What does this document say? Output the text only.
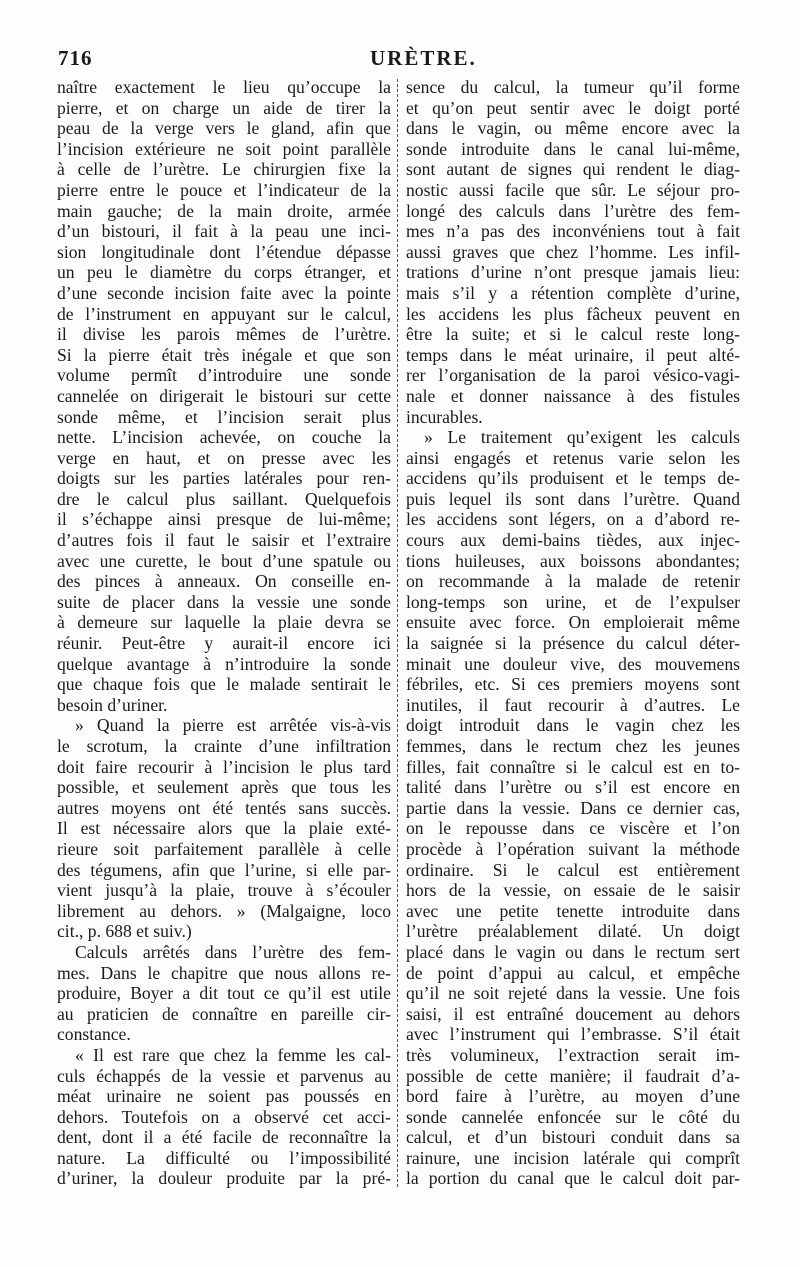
716	URÈTRE.
naître exactement le lieu qu’occupe la
pierre, et on charge un aide de tirer la
peau de la verge vers le gland, afin que
l’incision extérieure ne soit point parallèle
à celle de l’urètre. Le chirurgien fixe la
pierre entre le pouce et l’indicateur de la
main gauche; de la main droite, armée
d’un bistouri, il fait à la peau une inci-
sion longitudinale dont l’étendue dépasse
un peu le diamètre du corps étranger, et
d’une seconde incision faite avec la pointe
de l’instrument en appuyant sur le calcul,
il divise les parois mêmes de l’urètre.
Si la pierre était très inégale et que son
volume permît d’introduire une sonde
cannelée on dirigerait le bistouri sur cette
sonde même, et l’incision serait plus
nette. L’incision achevée, on couche la
verge en haut, et on presse avec les
doigts sur les parties latérales pour ren-
dre le calcul plus saillant. Quelquefois
il s’échappe ainsi presque de lui-même;
d’autres fois il faut le saisir et l’extraire
avec une curette, le bout d’une spatule ou
des pinces à anneaux. On conseille en-
suite de placer dans la vessie une sonde
à demeure sur laquelle la plaie devra se
réunir. Peut-être y aurait-il encore ici
quelque avantage à n’introduire la sonde
que chaque fois que le malade sentirait le
besoin d’uriner.
» Quand la pierre est arrêtée vis-à-vis
le scrotum, la crainte d’une infiltration
doit faire recourir à l’incision le plus tard
possible, et seulement après que tous les
autres moyens ont été tentés sans succès.
Il est nécessaire alors que la plaie exté-
rieure soit parfaitement parallèle à celle
des tégumens, afin que l’urine, si elle par-
vient jusqu’à la plaie, trouve à s’écouler
librement au dehors. » (Malgaigne, loco
cit., p. 688 et suiv.)
Calculs arrêtés dans l’urètre des fem-
mes. Dans le chapitre que nous allons re-
produire, Boyer a dit tout ce qu’il est utile
au praticien de connaître en pareille cir-
constance.
« Il est rare que chez la femme les cal-
culs échappés de la vessie et parvenus au
méat urinaire ne soient pas poussés en
dehors. Toutefois on a observé cet acci-
dent, dont il a été facile de reconnaître la
nature. La difficulté ou l’impossibilité
d’uriner, la douleur produite par la pré-
sence du calcul, la tumeur qu’il forme
et qu’on peut sentir avec le doigt porté
dans le vagin, ou même encore avec la
sonde introduite dans le canal lui-même,
sont autant de signes qui rendent le diag-
nostic aussi facile que sûr. Le séjour pro-
longé des calculs dans l’urètre des fem-
mes n’a pas des inconvéniens tout à fait
aussi graves que chez l’homme. Les infil-
trations d’urine n’ont presque jamais lieu:
mais s’il y a rétention complète d’urine,
les accidens les plus fâcheux peuvent en
être la suite; et si le calcul reste long-
temps dans le méat urinaire, il peut alté-
rer l’organisation de la paroi vésico-vagi-
nale et donner naissance à des fistules
incurables.
» Le traitement qu’exigent les calculs
ainsi engagés et retenus varie selon les
accidens qu’ils produisent et le temps de-
puis lequel ils sont dans l’urètre. Quand
les accidens sont légers, on a d’abord re-
cours aux demi-bains tièdes, aux injec-
tions huileuses, aux boissons abondantes;
on recommande à la malade de retenir
long-temps son urine, et de l’expulser
ensuite avec force. On emploierait même
la saignée si la présence du calcul déter-
minait une douleur vive, des mouvemens
fébriles, etc. Si ces premiers moyens sont
inutiles, il faut recourir à d’autres. Le
doigt introduit dans le vagin chez les
femmes, dans le rectum chez les jeunes
filles, fait connaître si le calcul est en to-
talité dans l’urètre ou s’il est encore en
partie dans la vessie. Dans ce dernier cas,
on le repousse dans ce viscère et l’on
procède à l’opération suivant la méthode
ordinaire. Si le calcul est entièrement
hors de la vessie, on essaie de le saisir
avec une petite tenette introduite dans
l’urètre préalablement dilaté. Un doigt
placé dans le vagin ou dans le rectum sert
de point d’appui au calcul, et empêche
qu’il ne soit rejeté dans la vessie. Une fois
saisi, il est entraîné doucement au dehors
avec l’instrument qui l’embrasse. S’il était
très volumineux, l’extraction serait im-
possible de cette manière; il faudrait d’a-
bord faire à l’urètre, au moyen d’une
sonde cannelée enfoncée sur le côté du
calcul, et d’un bistouri conduit dans sa
rainure, une incision latérale qui comprît
la portion du canal que le calcul doit par-
